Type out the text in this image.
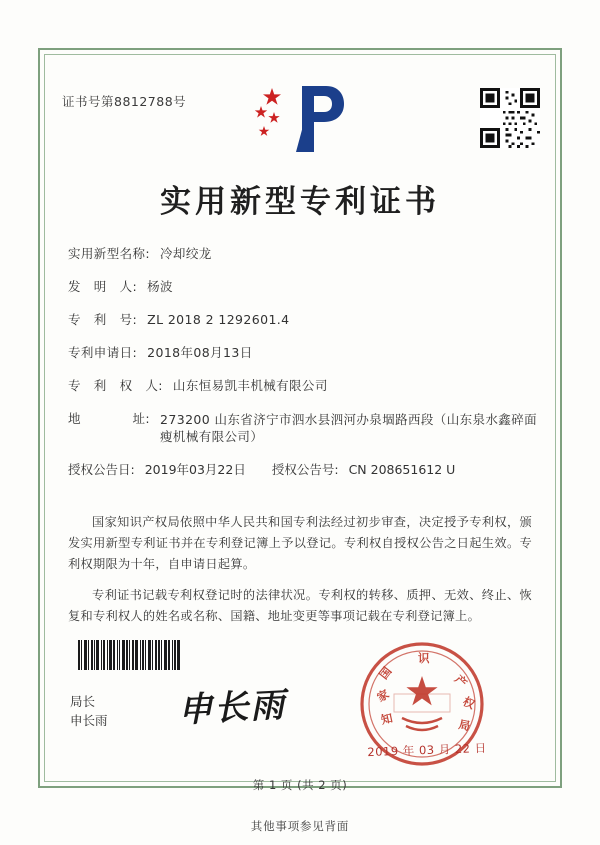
证书号第8812788号
实用新型专利证书
实用新型名称: 冷却绞龙
发　明　人: 杨波
专　利　号: ZL 2018 2 1292601.4
专利申请日: 2018年08月13日
专　利　权　人: 山东恒易凯丰机械有限公司
地　　　　址: 273200 山东省济宁市泗水县泗河办泉堌路西段（山东泉水鑫碎面瘦机械有限公司）
授权公告日: 2019年03月22日	授权公告号: CN 208651612 U
国家知识产权局依照中华人民共和国专利法经过初步审查，决定授予专利权，颁发实用新型专利证书并在专利登记簿上予以登记。专利权自授权公告之日起生效。专利权期限为十年，自申请日起算。
专利证书记载专利权登记时的法律状况。专利权的转移、质押、无效、终止、恢复和专利权人的姓名或名称、国籍、地址变更等事项记载在专利登记簿上。
局长
申长雨 申长雨
国
家
知
识
产
权
局
2019 年 03 月 22 日
第 1 页 (共 2 页)
其他事项参见背面
